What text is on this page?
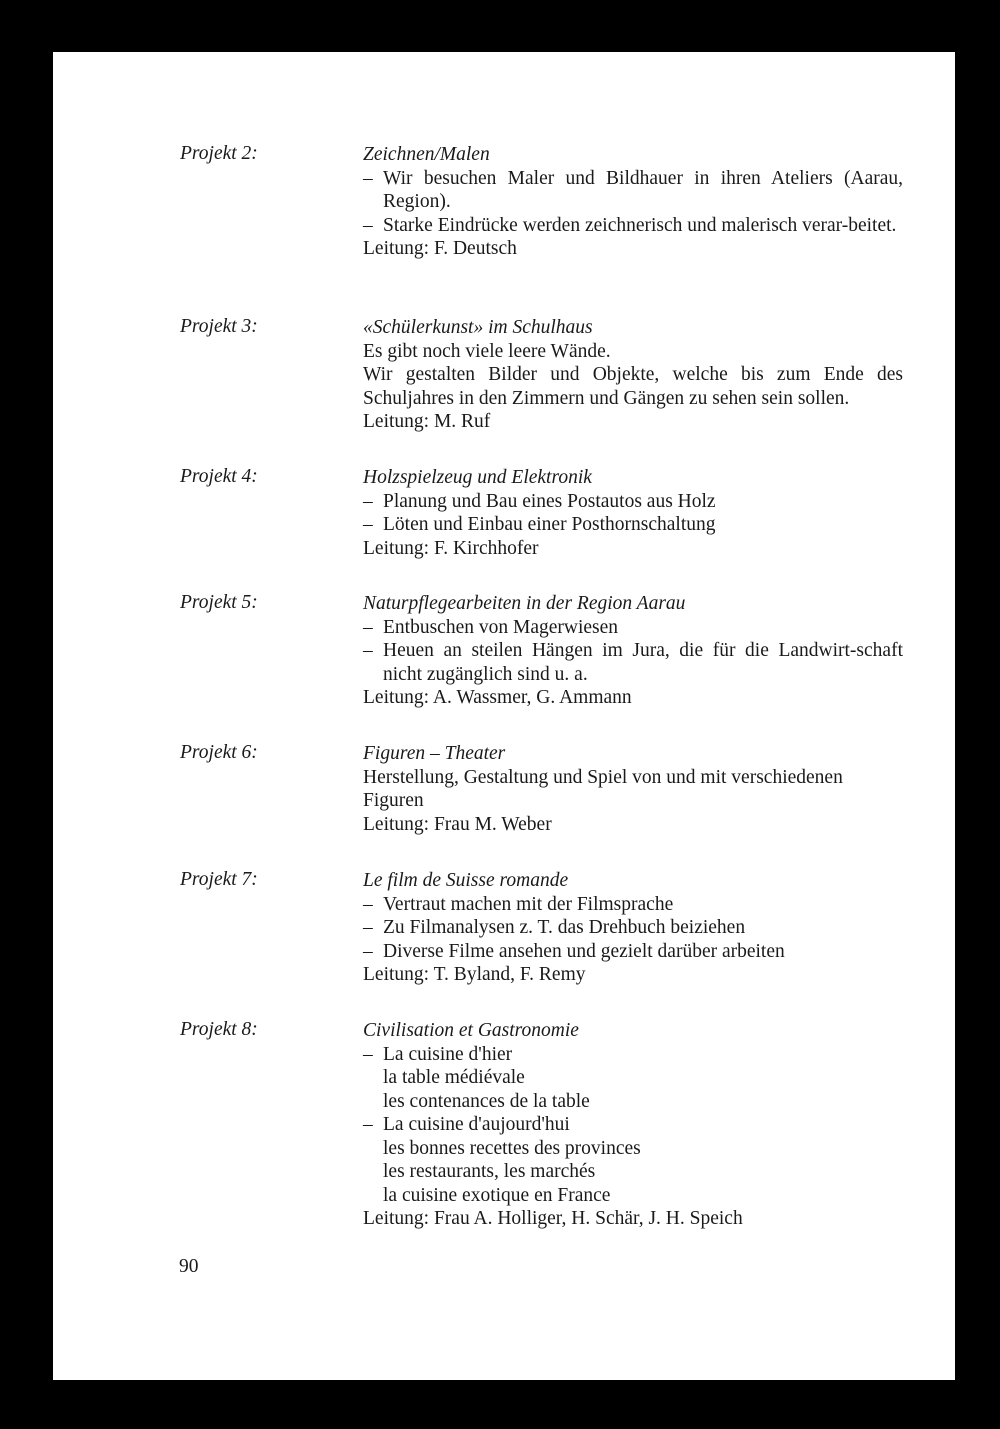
Projekt 2:	Zeichnen/Malen
– Wir besuchen Maler und Bildhauer in ihren Ateliers (Aarau, Region).
– Starke Eindrücke werden zeichnerisch und malerisch verar-beitet.
Leitung: F. Deutsch
Projekt 3:	«Schülerkunst» im Schulhaus
Es gibt noch viele leere Wände.
Wir gestalten Bilder und Objekte, welche bis zum Ende des Schuljahres in den Zimmern und Gängen zu sehen sein sollen.
Leitung: M. Ruf
Projekt 4:	Holzspielzeug und Elektronik
– Planung und Bau eines Postautos aus Holz
– Löten und Einbau einer Posthornschaltung
Leitung: F. Kirchhofer
Projekt 5:	Naturpflegearbeiten in der Region Aarau
– Entbuschen von Magerwiesen
– Heuen an steilen Hängen im Jura, die für die Landwirt-schaft nicht zugänglich sind u. a.
Leitung: A. Wassmer, G. Ammann
Projekt 6:	Figuren – Theater
Herstellung, Gestaltung und Spiel von und mit verschiedenen Figuren
Leitung: Frau M. Weber
Projekt 7:	Le film de Suisse romande
– Vertraut machen mit der Filmsprache
– Zu Filmanalysen z. T. das Drehbuch beiziehen
– Diverse Filme ansehen und gezielt darüber arbeiten
Leitung: T. Byland, F. Remy
Projekt 8:	Civilisation et Gastronomie
– La cuisine d'hier
la table médiévale
les contenances de la table
– La cuisine d'aujourd'hui
les bonnes recettes des provinces
les restaurants, les marchés
la cuisine exotique en France
Leitung: Frau A. Holliger, H. Schär, J. H. Speich
90
